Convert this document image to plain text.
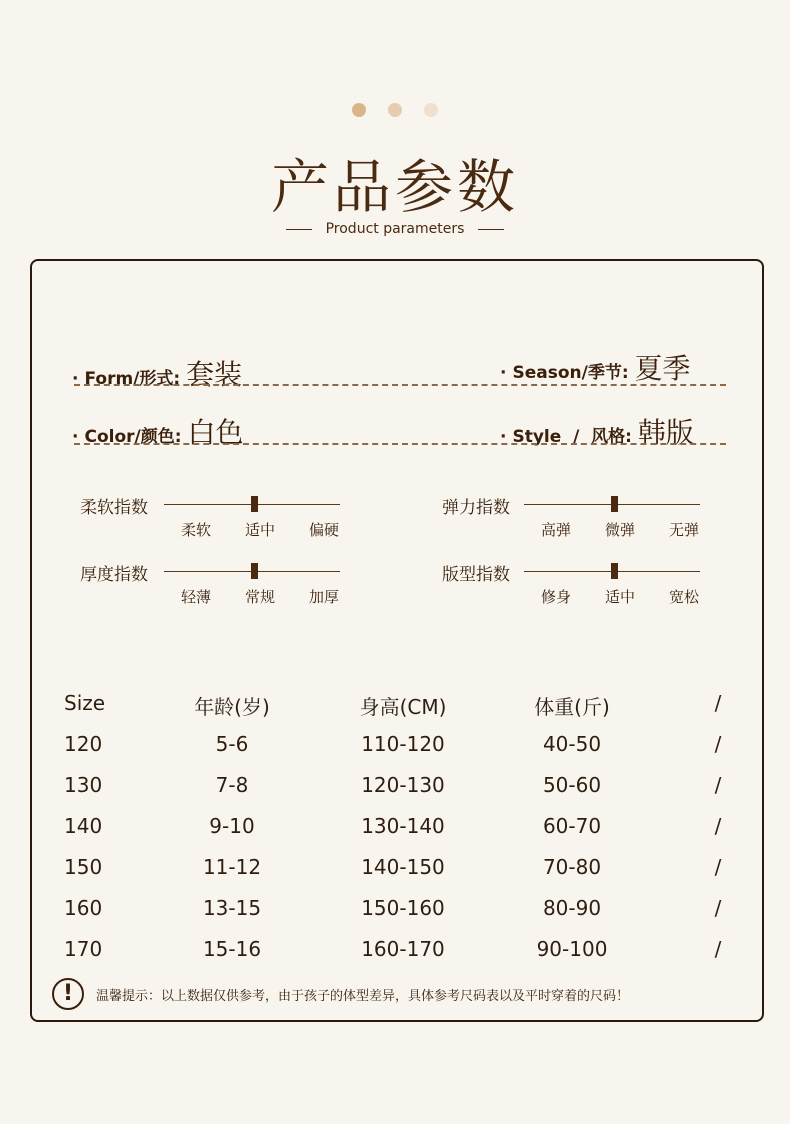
产品参数
Product parameters
· Form/形式: 套装	· Season/季节: 夏季
· Color/颜色: 白色	· Style  /  风格: 韩版
柔软指数
柔软	适中	偏硬
弹力指数
高弹	微弹	无弹
厚度指数
轻薄	常规	加厚
版型指数
修身	适中	宽松
Size	年龄(岁)	身高(CM)	体重(斤)	/
120	5-6	110-120	40-50	/
130	7-8	120-130	50-60	/
140	9-10	130-140	60-70	/
150	11-12	140-150	70-80	/
160	13-15	150-160	80-90	/
170	15-16	160-170	90-100	/
!	温馨提示：以上数据仅供参考，由于孩子的体型差异，具体参考尺码表以及平时穿着的尺码！
